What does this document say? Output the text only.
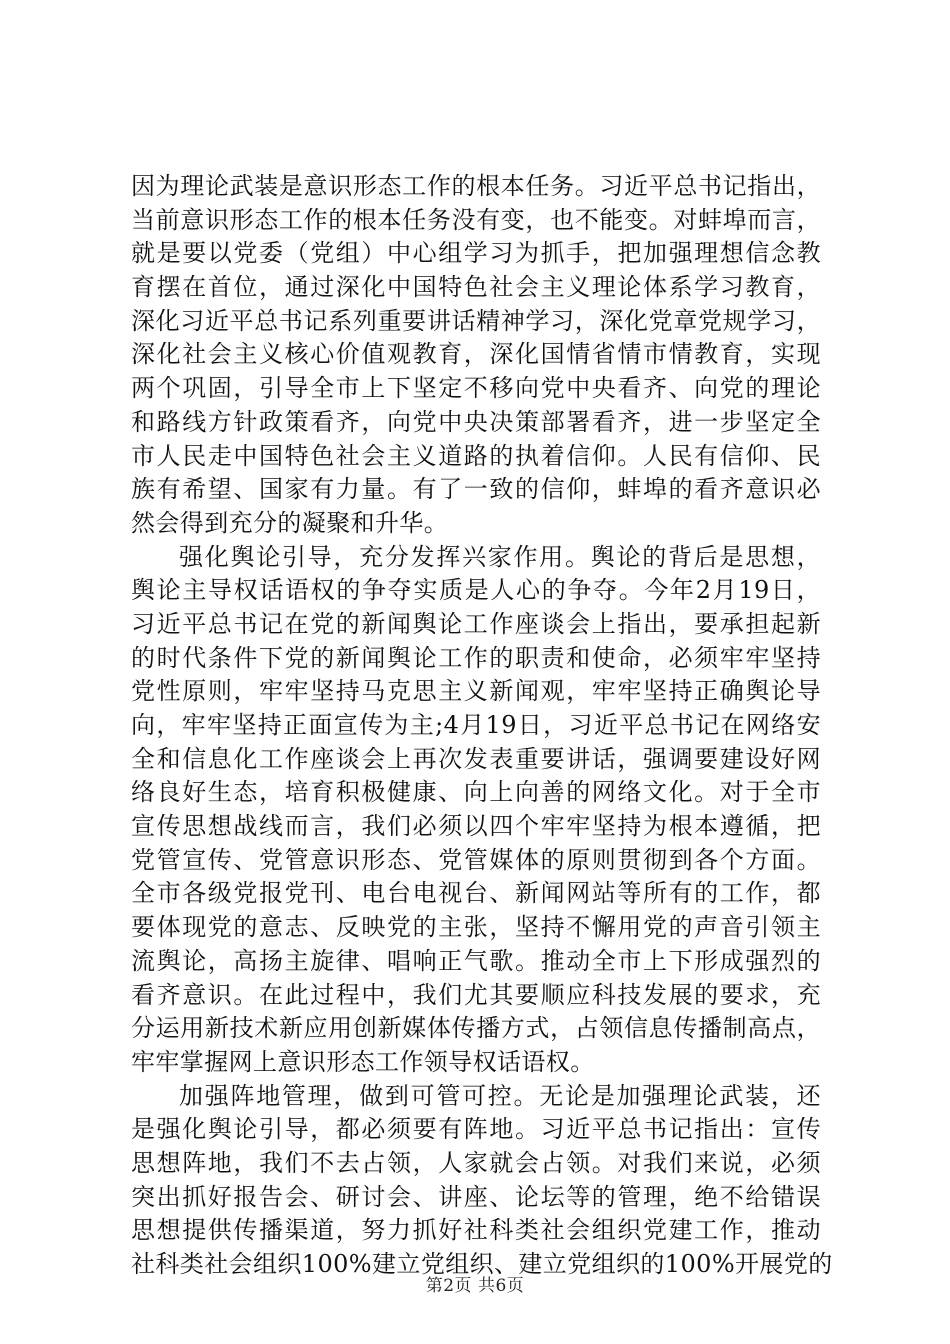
因为理论武装是意识形态工作的根本任务。习近平总书记指出，
当前意识形态工作的根本任务没有变，也不能变。对蚌埠而言，
就是要以党委（党组）中心组学习为抓手，把加强理想信念教
育摆在首位，通过深化中国特色社会主义理论体系学习教育，
深化习近平总书记系列重要讲话精神学习，深化党章党规学习，
深化社会主义核心价值观教育，深化国情省情市情教育，实现
两个巩固，引导全市上下坚定不移向党中央看齐、向党的理论
和路线方针政策看齐，向党中央决策部署看齐，进一步坚定全
市人民走中国特色社会主义道路的执着信仰。人民有信仰、民
族有希望、国家有力量。有了一致的信仰，蚌埠的看齐意识必
然会得到充分的凝聚和升华。
强化舆论引导，充分发挥兴家作用。舆论的背后是思想，
舆论主导权话语权的争夺实质是人心的争夺。今年2月19日，
习近平总书记在党的新闻舆论工作座谈会上指出，要承担起新
的时代条件下党的新闻舆论工作的职责和使命，必须牢牢坚持
党性原则，牢牢坚持马克思主义新闻观，牢牢坚持正确舆论导
向，牢牢坚持正面宣传为主;4月19日，习近平总书记在网络安
全和信息化工作座谈会上再次发表重要讲话，强调要建设好网
络良好生态，培育积极健康、向上向善的网络文化。对于全市
宣传思想战线而言，我们必须以四个牢牢坚持为根本遵循，把
党管宣传、党管意识形态、党管媒体的原则贯彻到各个方面。
全市各级党报党刊、电台电视台、新闻网站等所有的工作，都
要体现党的意志、反映党的主张，坚持不懈用党的声音引领主
流舆论，高扬主旋律、唱响正气歌。推动全市上下形成强烈的
看齐意识。在此过程中，我们尤其要顺应科技发展的要求，充
分运用新技术新应用创新媒体传播方式，占领信息传播制高点，
牢牢掌握网上意识形态工作领导权话语权。
加强阵地管理，做到可管可控。无论是加强理论武装，还
是强化舆论引导，都必须要有阵地。习近平总书记指出：宣传
思想阵地，我们不去占领，人家就会占领。对我们来说，必须
突出抓好报告会、研讨会、讲座、论坛等的管理，绝不给错误
思想提供传播渠道，努力抓好社科类社会组织党建工作，推动
社科类社会组织100%建立党组织、建立党组织的100%开展党的
第2页 共6页
